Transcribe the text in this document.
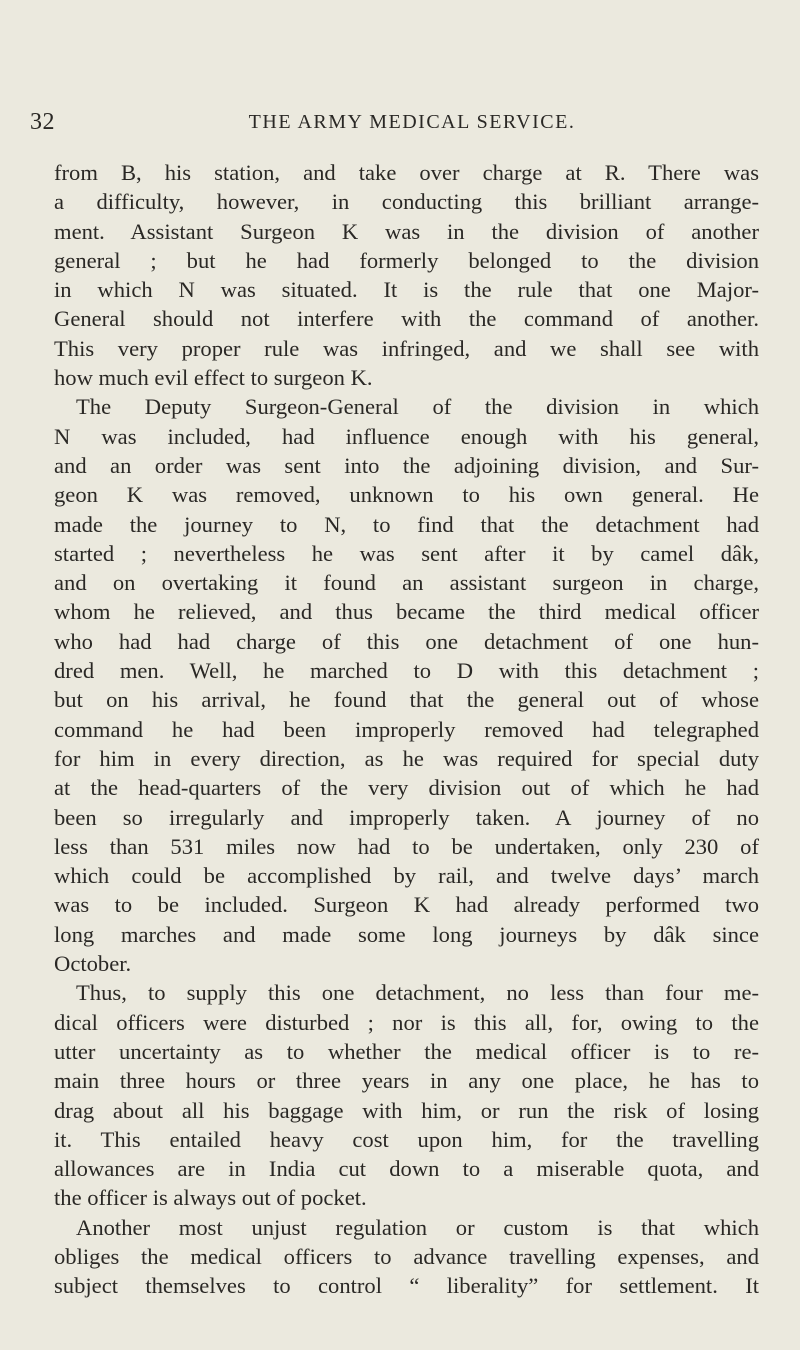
32	THE ARMY MEDICAL SERVICE.
from B, his station, and take over charge at R. There was
a difficulty, however, in conducting this brilliant arrange-
ment. Assistant Surgeon K was in the division of another
general ; but he had formerly belonged to the division
in which N was situated. It is the rule that one Major-
General should not interfere with the command of another.
This very proper rule was infringed, and we shall see with
how much evil effect to surgeon K.
The Deputy Surgeon-General of the division in which
N was included, had influence enough with his general,
and an order was sent into the adjoining division, and Sur-
geon K was removed, unknown to his own general. He
made the journey to N, to find that the detachment had
started ; nevertheless he was sent after it by camel dâk,
and on overtaking it found an assistant surgeon in charge,
whom he relieved, and thus became the third medical officer
who had had charge of this one detachment of one hun-
dred men. Well, he marched to D with this detachment ;
but on his arrival, he found that the general out of whose
command he had been improperly removed had telegraphed
for him in every direction, as he was required for special duty
at the head-quarters of the very division out of which he had
been so irregularly and improperly taken. A journey of no
less than 531 miles now had to be undertaken, only 230 of
which could be accomplished by rail, and twelve days’ march
was to be included. Surgeon K had already performed two
long marches and made some long journeys by dâk since
October.
Thus, to supply this one detachment, no less than four me-
dical officers were disturbed ; nor is this all, for, owing to the
utter uncertainty as to whether the medical officer is to re-
main three hours or three years in any one place, he has to
drag about all his baggage with him, or run the risk of losing
it. This entailed heavy cost upon him, for the travelling
allowances are in India cut down to a miserable quota, and
the officer is always out of pocket.
Another most unjust regulation or custom is that which
obliges the medical officers to advance travelling expenses, and
subject themselves to control “ liberality” for settlement. It
